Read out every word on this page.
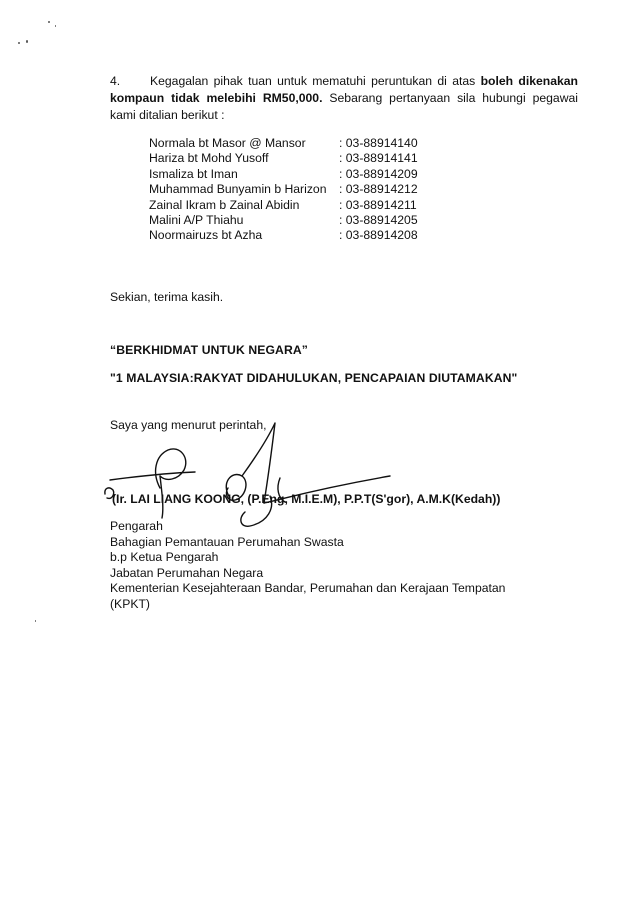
4. Kegagalan pihak tuan untuk mematuhi peruntukan di atas boleh dikenakan kompaun tidak melebihi RM50,000. Sebarang pertanyaan sila hubungi pegawai kami ditalian berikut :
Normala bt Masor @ Mansor	: 03-88914140
Hariza bt Mohd Yusoff	: 03-88914141
Ismaliza bt Iman	: 03-88914209
Muhammad Bunyamin b Harizon	: 03-88914212
Zainal Ikram b Zainal Abidin	: 03-88914211
Malini A/P Thiahu	: 03-88914205
Noormairuzs bt Azha	: 03-88914208
Sekian, terima kasih.
“BERKHIDMAT UNTUK NEGARA”
"1 MALAYSIA:RAKYAT DIDAHULUKAN, PENCAPAIAN DIUTAMAKAN"
Saya yang menurut perintah,
(Ir. LAI LIANG KOONG, (P.Eng, M.I.E.M), P.P.T(S'gor), A.M.K(Kedah))
Pengarah
Bahagian Pemantauan Perumahan Swasta
b.p Ketua Pengarah
Jabatan Perumahan Negara
Kementerian Kesejahteraan Bandar, Perumahan dan Kerajaan Tempatan
(KPKT)
